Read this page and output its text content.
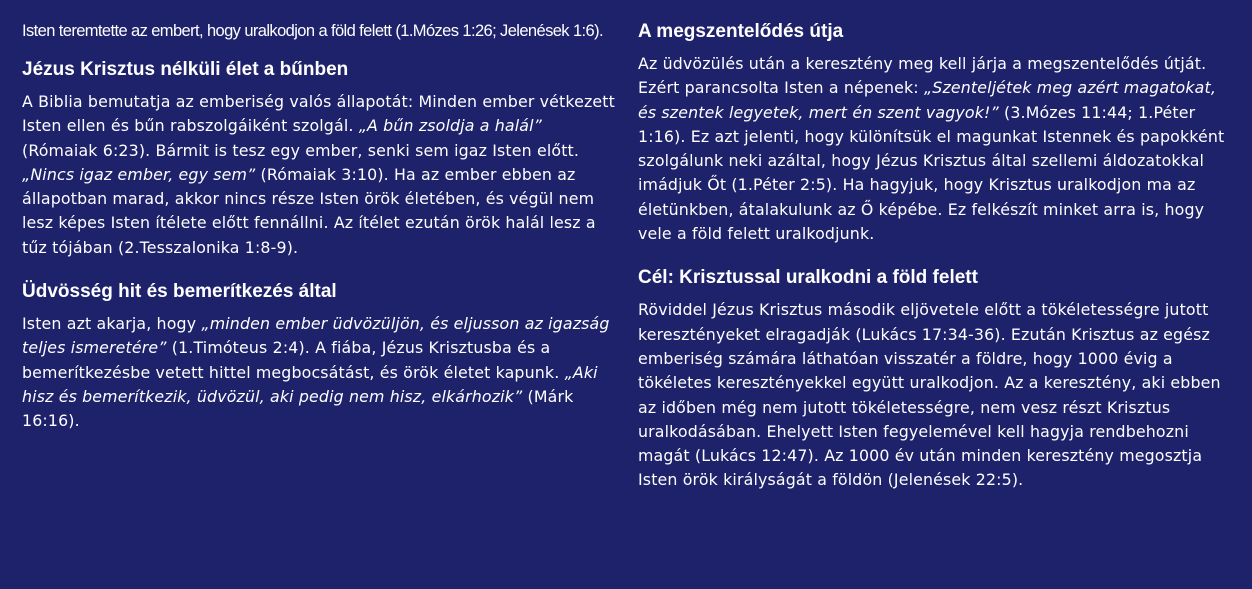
Isten teremtette az embert, hogy uralkodjon a föld felett (1.Mózes 1:26; Jelenések 1:6).

Jézus Krisztus nélküli élet a bűnben

A Biblia bemutatja az emberiség valós állapotát: Minden ember vétkezett Isten ellen és bűn rabszolgáiként szolgál. „A bűn zsoldja a halál” (Rómaiak 6:23). Bármit is tesz egy ember, senki sem igaz Isten előtt. „Nincs igaz ember, egy sem” (Rómaiak 3:10). Ha az ember ebben az állapotban marad, akkor nincs része Isten örök életében, és végül nem lesz képes Isten ítélete előtt fennállni. Az ítélet ezután örök halál lesz a tűz tójában (2.Tesszalonika 1:8-9).

Üdvösség hit és bemerítkezés által

Isten azt akarja, hogy „minden ember üdvözüljön, és eljusson az igazság teljes ismeretére” (1.Timóteus 2:4). A fiába, Jézus Krisztusba és a bemerítkezésbe vetett hittel megbocsátást, és örök életet kapunk. „Aki hisz és bemerítkezik, üdvözül, aki pedig nem hisz, elkárhozik” (Márk 16:16).

A megszentelődés útja

Az üdvözülés után a keresztény meg kell járja a megszentelődés útját. Ezért parancsolta Isten a népenek: „Szenteljétek meg azért magatokat, és szentek legyetek, mert én szent vagyok!” (3.Mózes 11:44; 1.Péter 1:16). Ez azt jelenti, hogy különítsük el magunkat Istennek és papokként szolgálunk neki azáltal, hogy Jézus Krisztus által szellemi áldozatokkal imádjuk Őt (1.Péter 2:5). Ha hagyjuk, hogy Krisztus uralkodjon ma az életünkben, átalakulunk az Ő képébe. Ez felkészít minket arra is, hogy vele a föld felett uralkodjunk.

Cél: Krisztussal uralkodni a föld felett

Röviddel Jézus Krisztus második eljövetele előtt a tökéletességre jutott keresztényeket elragadják (Lukács 17:34-36). Ezután Krisztus az egész emberiség számára láthatóan visszatér a földre, hogy 1000 évig a tökéletes keresztényekkel együtt uralkodjon. Az a keresztény, aki ebben az időben még nem jutott tökéletességre, nem vesz részt Krisztus uralkodásában. Ehelyett Isten fegyelemével kell hagyja rendbehozni magát (Lukács 12:47). Az 1000 év után minden keresztény megosztja Isten örök királyságát a földön (Jelenések 22:5).
